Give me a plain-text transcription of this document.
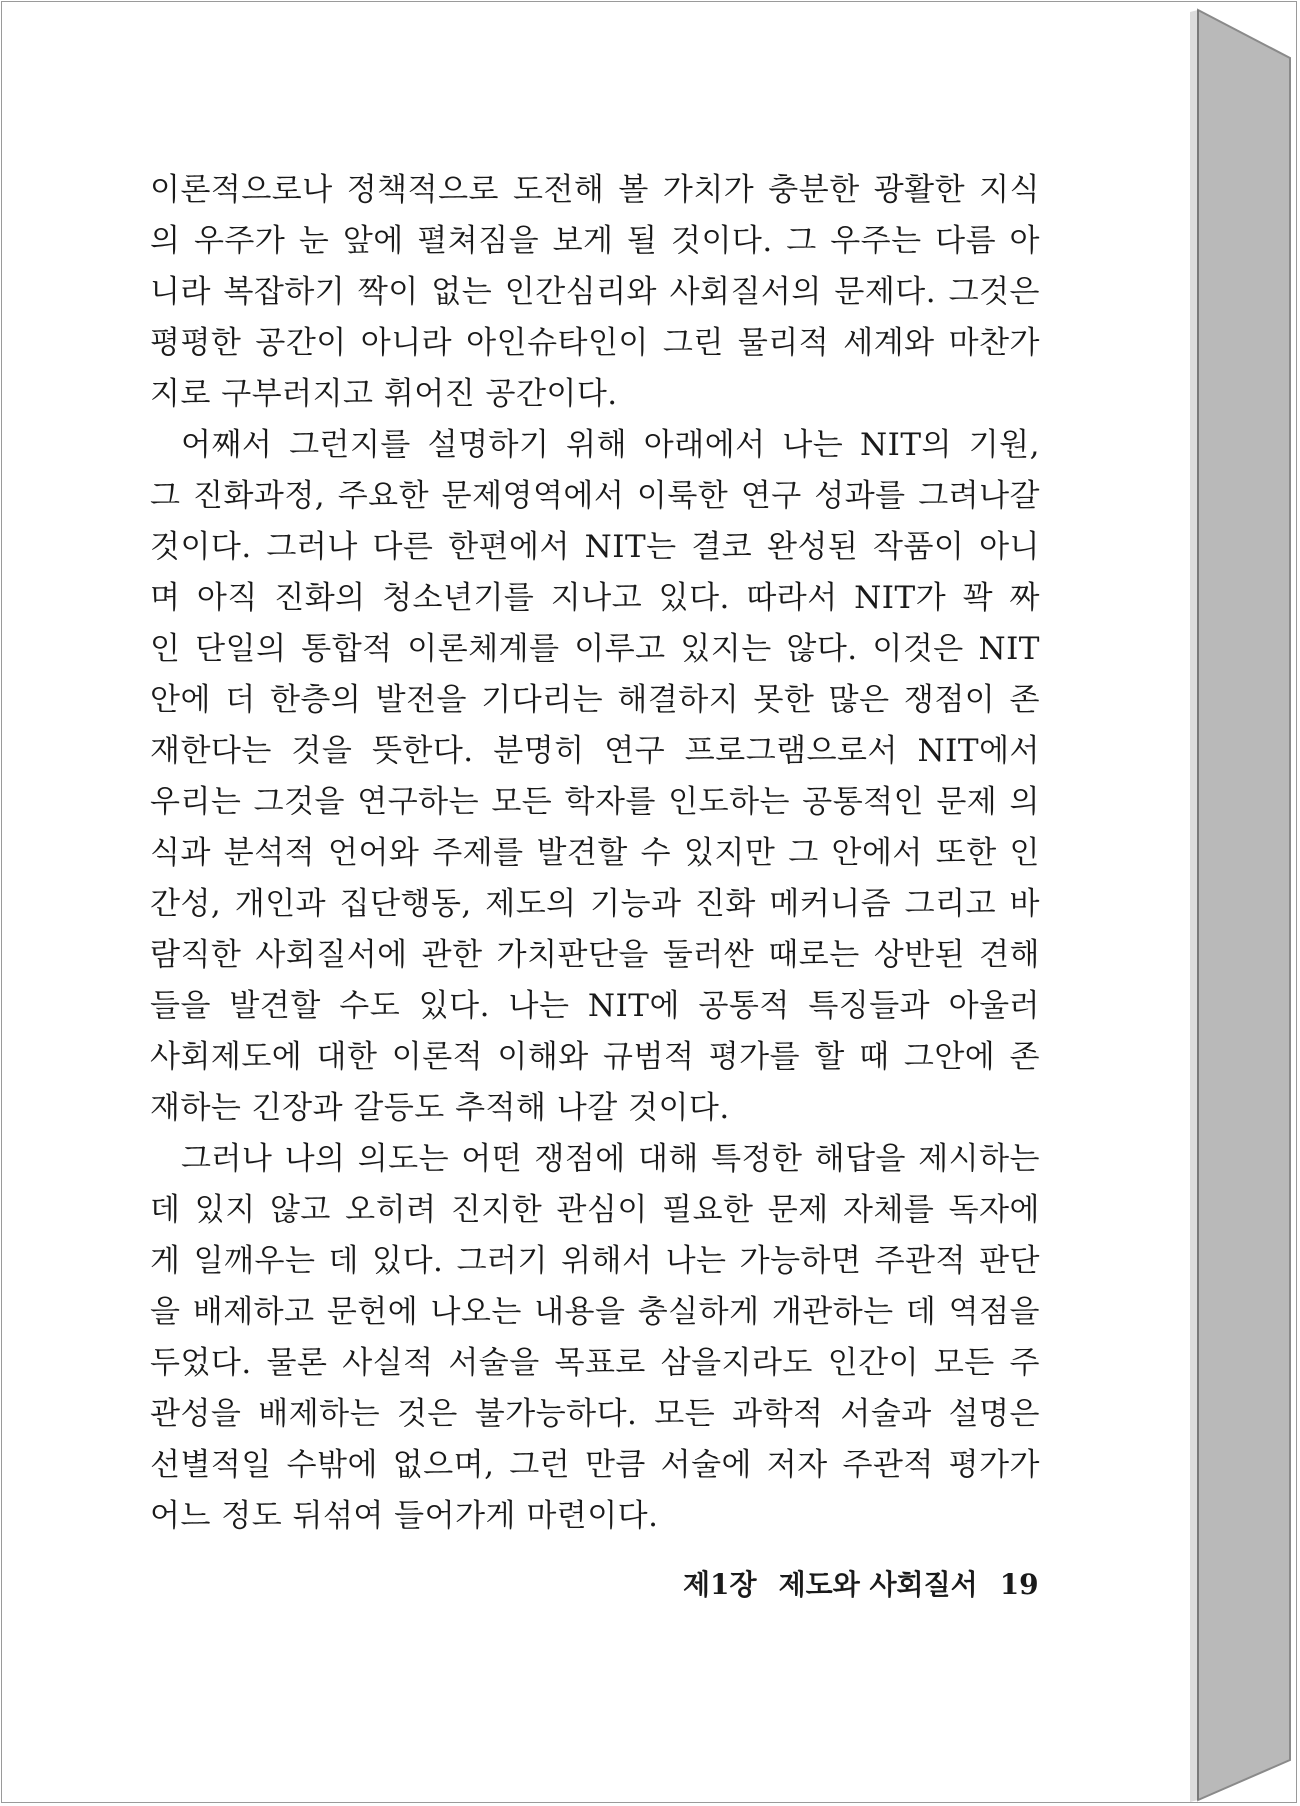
이론적으로나 정책적으로 도전해 볼 가치가 충분한 광활한 지식
의 우주가 눈 앞에 펼쳐짐을 보게 될 것이다. 그 우주는 다름 아
니라 복잡하기 짝이 없는 인간심리와 사회질서의 문제다. 그것은
평평한 공간이 아니라 아인슈타인이 그린 물리적 세계와 마찬가
지로 구부러지고 휘어진 공간이다.
어째서 그런지를 설명하기 위해 아래에서 나는 NIT의 기원,
그 진화과정, 주요한 문제영역에서 이룩한 연구 성과를 그려나갈
것이다. 그러나 다른 한편에서 NIT는 결코 완성된 작품이 아니
며 아직 진화의 청소년기를 지나고 있다. 따라서 NIT가 꽉 짜
인 단일의 통합적 이론체계를 이루고 있지는 않다. 이것은 NIT
안에 더 한층의 발전을 기다리는 해결하지 못한 많은 쟁점이 존
재한다는 것을 뜻한다. 분명히 연구 프로그램으로서 NIT에서
우리는 그것을 연구하는 모든 학자를 인도하는 공통적인 문제 의
식과 분석적 언어와 주제를 발견할 수 있지만 그 안에서 또한 인
간성, 개인과 집단행동, 제도의 기능과 진화 메커니즘 그리고 바
람직한 사회질서에 관한 가치판단을 둘러싼 때로는 상반된 견해
들을 발견할 수도 있다. 나는 NIT에 공통적 특징들과 아울러
사회제도에 대한 이론적 이해와 규범적 평가를 할 때 그안에 존
재하는 긴장과 갈등도 추적해 나갈 것이다.
그러나 나의 의도는 어떤 쟁점에 대해 특정한 해답을 제시하는
데 있지 않고 오히려 진지한 관심이 필요한 문제 자체를 독자에
게 일깨우는 데 있다. 그러기 위해서 나는 가능하면 주관적 판단
을 배제하고 문헌에 나오는 내용을 충실하게 개관하는 데 역점을
두었다. 물론 사실적 서술을 목표로 삼을지라도 인간이 모든 주
관성을 배제하는 것은 불가능하다. 모든 과학적 서술과 설명은
선별적일 수밖에 없으며, 그런 만큼 서술에 저자 주관적 평가가
어느 정도 뒤섞여 들어가게 마련이다.
제1장 제도와 사회질서 19
